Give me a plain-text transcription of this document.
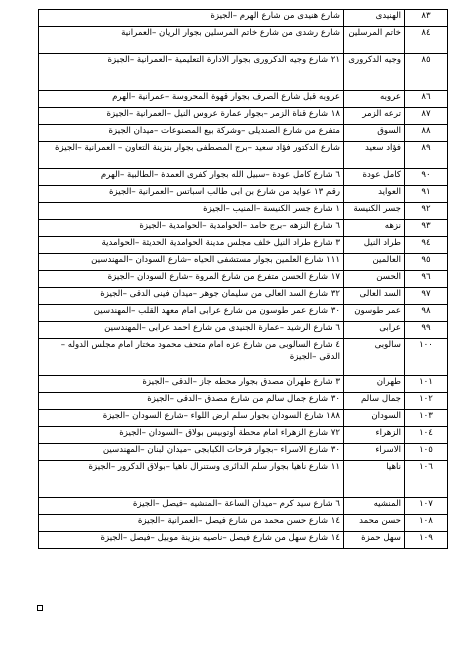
٨٣	الهنيدى	شارع هنيدى من شارع الهرم –الجيزة
٨٤	خاتم المرسلين	شارع رشدى من شارع خاتم المرسلين بجوار الريان –العمرانية
٨٥	وجيه الدكرورى	٢١ شارع وجيه الدكرورى بجوار الادارة التعليمية –العمرانية –الجيزة
٨٦	عروبه	عروبه قبل شارع الصرف بجوار قهوة المحروسة –عمرانية –الهرم
٨٧	ترعه الزمر	١٨ شارع قناة الزمر –بجوار عمارة عروس النيل –العمرانية –الجيزة
٨٨	السوق	متفرع من شارع الصنديلى –وشركة بيع المصنوعات –ميدان الجيزة
٨٩	فؤاد سعيد	شارع الدكتور فؤاد سعيد –برج المصطفى بجوار بنزينة التعاون – العمرانية –الجيزة
٩٠	كامل عودة	٦ شارع كامل عودة –سبيل الله بجوار كفرى العمدة –الطالبية –الهرم
٩١	العوايد	رقم ١٣ عوايد من شارع بن ابى طالب اسباتس –العمرانية –الجيزة
٩٢	جسر الكنيسة	١ شارع جسر الكنيسة –المنيب –الجيزة
٩٣	نزهه	٦ شارع النزهه –برج حامد –الحوامدية –الحوامدية –الجيزة
٩٤	طراد النيل	٣ شارع طراد النيل خلف مجلس مدينة الحوامدية الحديثة –الحوامدية
٩٥	العالمين	١١١ شارع العلمين بجوار مستشفى الحياه –شارع السودان –المهندسين
٩٦	الحسن	١٧ شارع الحسن متفرع من شارع المروة –شارع السودان –الجيزة
٩٧	السد العالى	٣٢ شارع السد العالى من سليمان جوهر –ميدان فينى الدقى –الجيزة
٩٨	عمر طوسون	٣٠ شارع عمر طوسون من شارع عرابى امام معهد القلب –المهندسين
٩٩	عرابى	٦ شارع الرشيد –عمارة الجنيدى من شارع احمد عرابى –المهندسين
١٠٠	سالوبى	٤ شارع السالوبى من شارع عزه امام متحف محمود مختار امام مجلس الدوله –الدقى –الجيزة
١٠١	طهران	٣ شارع طهران مصدق بجوار محطه جاز –الدقى –الجيزة
١٠٢	جمال سالم	٣٠ شارع جمال سالم من شارع مصدق –الدقى –الجيزة
١٠٣	السودان	١٨٨ شارع السودان بجوار سلم ارض اللواء –شارع السودان –الجيزة
١٠٤	الزهراء	٧٢ شارع الزهراء امام محطة أوتوبيس بولاق –السودان –الجيزة
١٠٥	الاسراء	٣٠ شارع الاسراء –بجوار فرحات الكبابجى –ميدان لبنان –المهندسين
١٠٦	ناهيا	١١ شارع ناهيا بجوار سلم الدائرى وستنرال ناهيا –بولاق الدكرور –الجيزة
١٠٧	المنشيه	٦ شارع سيد كرم –ميدان الساعة –المنشيه –فيصل –الجيزة
١٠٨	حسن محمد	١٤ شارع حسن محمد من شارع فيصل –العمرانية –الجيزة
١٠٩	سهل حمزة	١٤ شارع سهل من شارع فيصل –ناصيه بنزينة موبيل –فيصل –الجيزة
